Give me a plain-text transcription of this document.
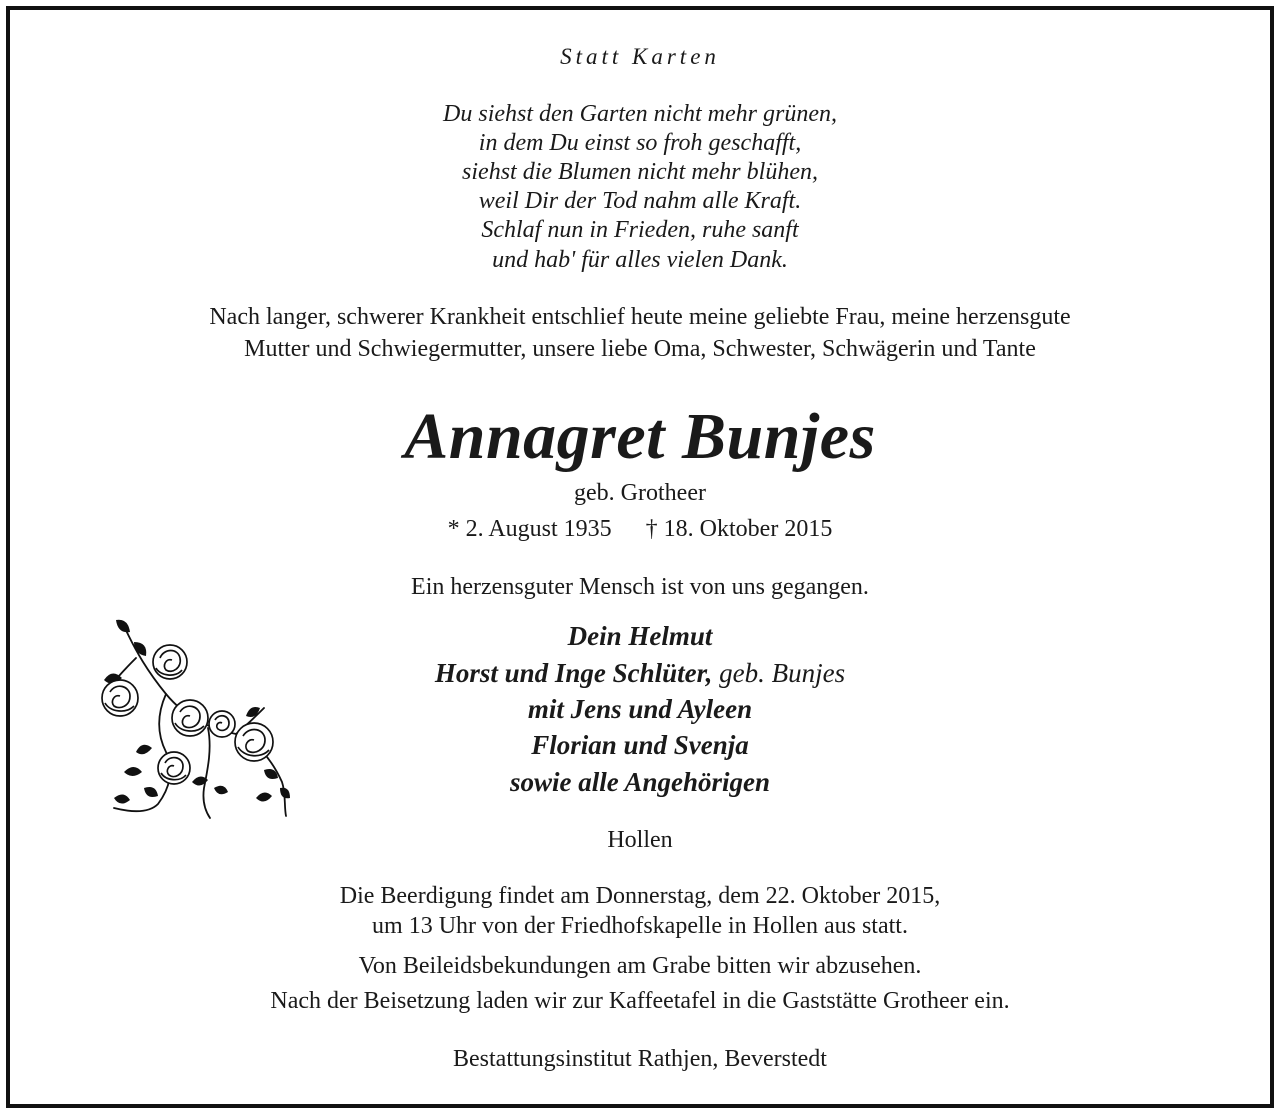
Statt Karten

Du siehst den Garten nicht mehr grünen,

in dem Du einst so froh geschafft,

siehst die Blumen nicht mehr blühen,

weil Dir der Tod nahm alle Kraft.

Schlaf nun in Frieden, ruhe sanft

und hab' für alles vielen Dank.

Nach langer, schwerer Krankheit entschlief heute meine geliebte Frau, meine herzensgute

Mutter und Schwiegermutter, unsere liebe Oma, Schwester, Schwägerin und Tante

Annagret Bunjes

geb. Grotheer

* 2. August 1935 † 18. Oktober 2015

Ein herzensguter Mensch ist von uns gegangen.

Dein Helmut

Horst und Inge Schlüter, geb. Bunjes

mit Jens und Ayleen

Florian und Svenja

sowie alle Angehörigen

Hollen

Die Beerdigung findet am Donnerstag, dem 22. Oktober 2015,

um 13 Uhr von der Friedhofskapelle in Hollen aus statt.

Von Beileidsbekundungen am Grabe bitten wir abzusehen.

Nach der Beisetzung laden wir zur Kaffeetafel in die Gaststätte Grotheer ein.

Bestattungsinstitut Rathjen, Beverstedt
